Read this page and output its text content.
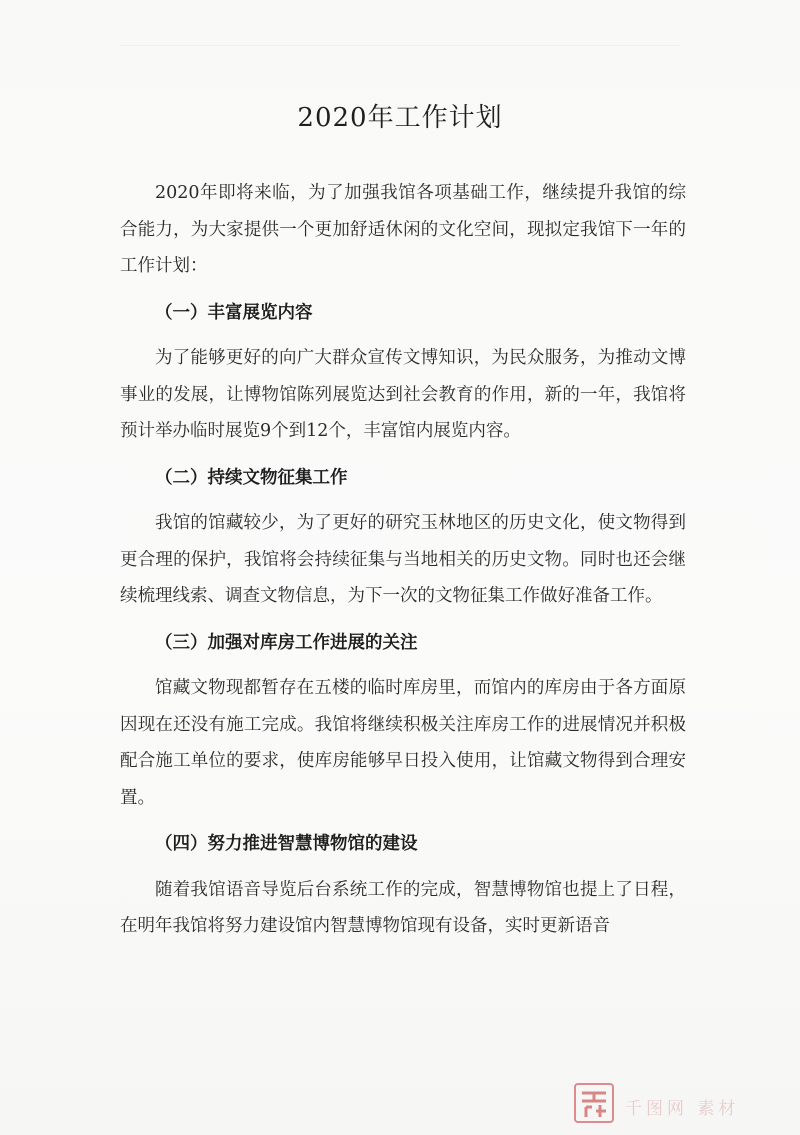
2020年工作计划

2020年即将来临，为了加强我馆各项基础工作，继续提升我馆的综合能力，为大家提供一个更加舒适休闲的文化空间，现拟定我馆下一年的工作计划：

（一）丰富展览内容

为了能够更好的向广大群众宣传文博知识，为民众服务，为推动文博事业的发展，让博物馆陈列展览达到社会教育的作用，新的一年，我馆将预计举办临时展览9个到12个，丰富馆内展览内容。

（二）持续文物征集工作

我馆的馆藏较少，为了更好的研究玉林地区的历史文化，使文物得到更合理的保护，我馆将会持续征集与当地相关的历史文物。同时也还会继续梳理线索、调查文物信息，为下一次的文物征集工作做好准备工作。

（三）加强对库房工作进展的关注

馆藏文物现都暂存在五楼的临时库房里，而馆内的库房由于各方面原因现在还没有施工完成。我馆将继续积极关注库房工作的进展情况并积极配合施工单位的要求，使库房能够早日投入使用，让馆藏文物得到合理安置。

（四）努力推进智慧博物馆的建设

随着我馆语音导览后台系统工作的完成，智慧博物馆也提上了日程，在明年我馆将努力建设馆内智慧博物馆现有设备，实时更新语音

千图网 素材
